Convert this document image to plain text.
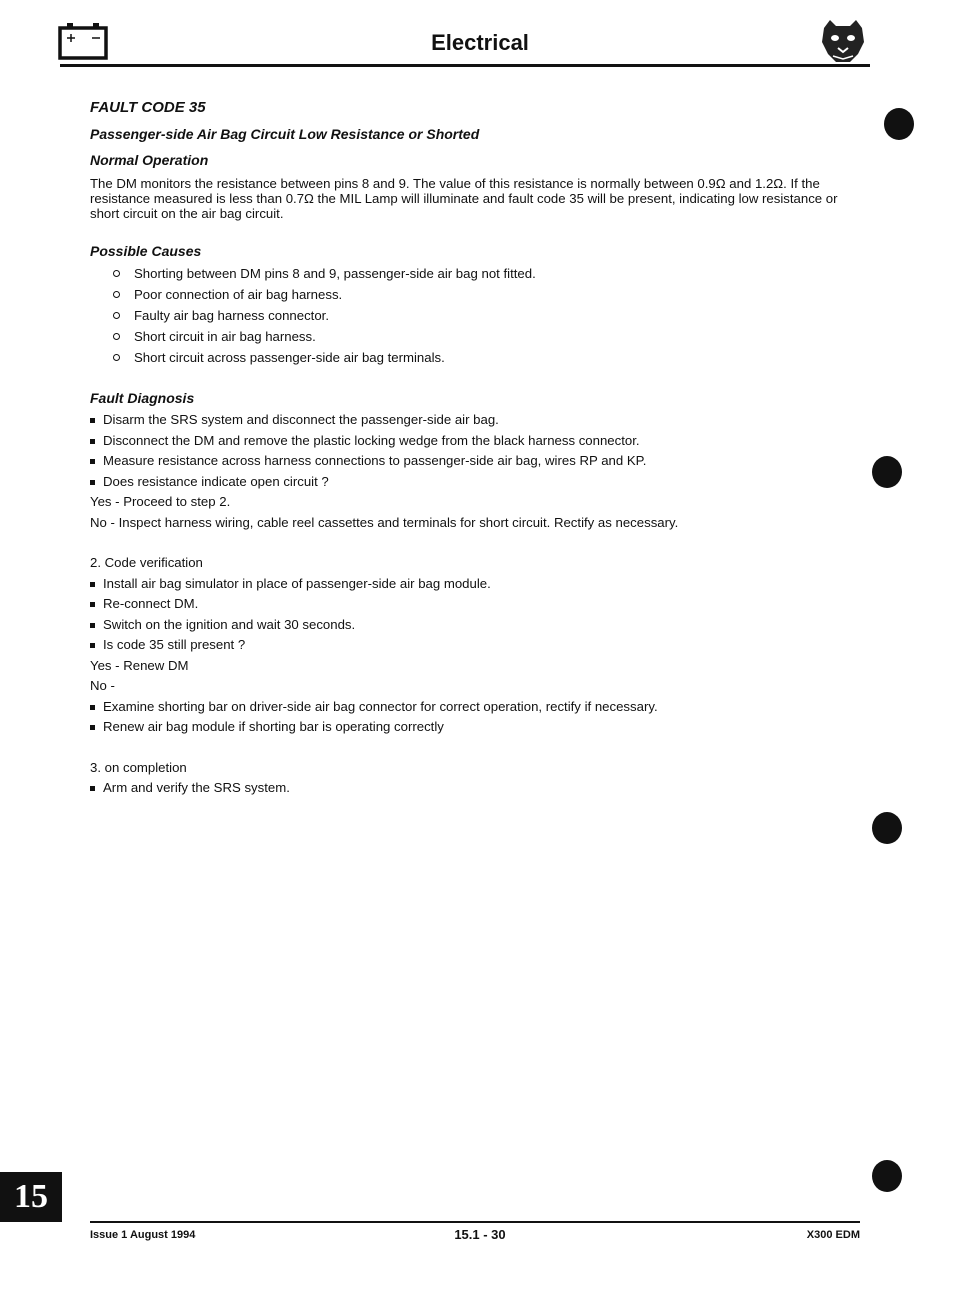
Electrical
FAULT CODE 35
Passenger-side Air Bag Circuit Low Resistance or Shorted
Normal Operation

The DM monitors the resistance between pins 8 and 9. The value of this resistance is normally between 0.9Ω and 1.2Ω. If the resistance measured is less than 0.7Ω the MIL Lamp will illuminate and fault code 35 will be present, indicating low resistance or short circuit on the air bag circuit.

Possible Causes
Shorting between DM pins 8 and 9, passenger-side air bag not fitted.
Poor connection of air bag harness.
Faulty air bag harness connector.
Short circuit in air bag harness.
Short circuit across passenger-side air bag terminals.
Fault Diagnosis
Disarm the SRS system and disconnect the passenger-side air bag.
Disconnect the DM and remove the plastic locking wedge from the black harness connector.
Measure resistance across harness connections to passenger-side air bag, wires RP and KP.
Does resistance indicate open circuit ?
Yes - Proceed to step 2.
No - Inspect harness wiring, cable reel cassettes and terminals for short circuit. Rectify as necessary.
2. Code verification
Install air bag simulator in place of passenger-side air bag module.
Re-connect DM.
Switch on the ignition and wait 30 seconds.
Is code 35 still present ?
Yes - Renew DM
No -
Examine shorting bar on driver-side air bag connector for correct operation, rectify if necessary.
Renew air bag module if shorting bar is operating correctly
3. on completion
Arm and verify the SRS system.
15
Issue 1 August 1994	15.1 - 30	X300 EDM
